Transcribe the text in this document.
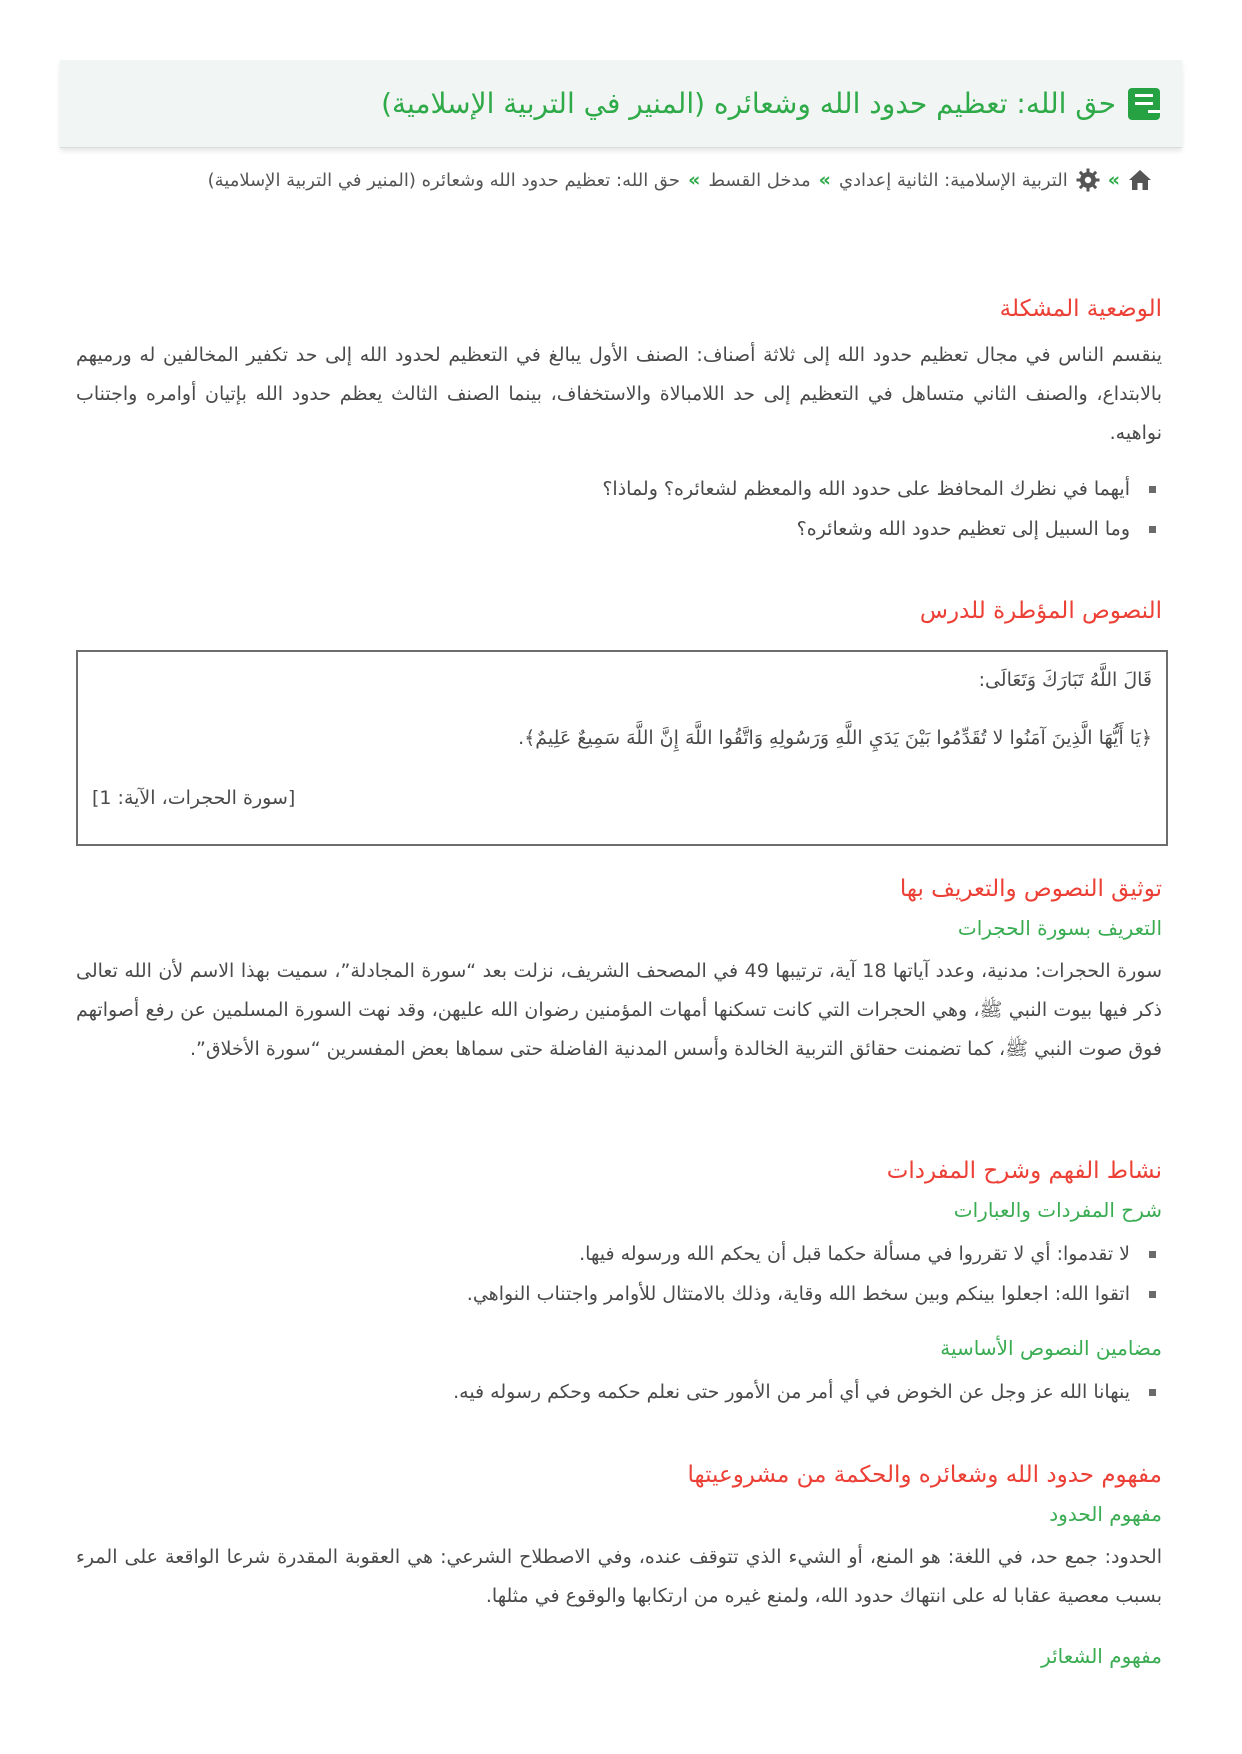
حق الله: تعظيم حدود الله وشعائره (المنير في التربية الإسلامية)
»
التربية الإسلامية: الثانية إعدادي
»
مدخل القسط
»
حق الله: تعظيم حدود الله وشعائره (المنير في التربية الإسلامية)
الوضعية المشكلة

ينقسم الناس في مجال تعظيم حدود الله إلى ثلاثة أصناف: الصنف الأول يبالغ في التعظيم لحدود الله إلى حد تكفير المخالفين له ورميهم بالابتداع، والصنف الثاني متساهل في التعظيم إلى حد اللامبالاة والاستخفاف، بينما الصنف الثالث يعظم حدود الله بإتيان أوامره واجتناب نواهيه.

أيهما في نظرك المحافظ على حدود الله والمعظم لشعائره؟ ولماذا؟
وما السبيل إلى تعظيم حدود الله وشعائره؟
النصوص المؤطرة للدرس
قَالَ اللَّهُ تَبَارَكَ وَتَعَالَى:
﴿يَا أَيُّهَا الَّذِينَ آمَنُوا لا تُقَدِّمُوا بَيْنَ يَدَيِ اللَّهِ وَرَسُولِهِ وَاتَّقُوا اللَّهَ إِنَّ اللَّهَ سَمِيعٌ عَلِيمٌ﴾.
[سورة الحجرات، الآية: 1]
توثيق النصوص والتعريف بها
التعريف بسورة الحجرات

سورة الحجرات: مدنية، وعدد آياتها 18 آية، ترتيبها 49 في المصحف الشريف، نزلت بعد “سورة المجادلة”، سميت بهذا الاسم لأن الله تعالى ذكر فيها بيوت النبي ﷺ، وهي الحجرات التي كانت تسكنها أمهات المؤمنين رضوان الله عليهن، وقد نهت السورة المسلمين عن رفع أصواتهم فوق صوت النبي ﷺ، كما تضمنت حقائق التربية الخالدة وأسس المدنية الفاضلة حتى سماها بعض المفسرين “سورة الأخلاق”.

نشاط الفهم وشرح المفردات
شرح المفردات والعبارات
لا تقدموا: أي لا تقرروا في مسألة حكما قبل أن يحكم الله ورسوله فيها.
اتقوا الله: اجعلوا بينكم وبين سخط الله وقاية، وذلك بالامتثال للأوامر واجتناب النواهي.
مضامين النصوص الأساسية
ينهانا الله عز وجل عن الخوض في أي أمر من الأمور حتى نعلم حكمه وحكم رسوله فيه.
مفهوم حدود الله وشعائره والحكمة من مشروعيتها
مفهوم الحدود

الحدود: جمع حد، في اللغة: هو المنع، أو الشيء الذي تتوقف عنده، وفي الاصطلاح الشرعي: هي العقوبة المقدرة شرعا الواقعة على المرء بسبب معصية عقابا له على انتهاك حدود الله، ولمنع غيره من ارتكابها والوقوع في مثلها.

مفهوم الشعائر
